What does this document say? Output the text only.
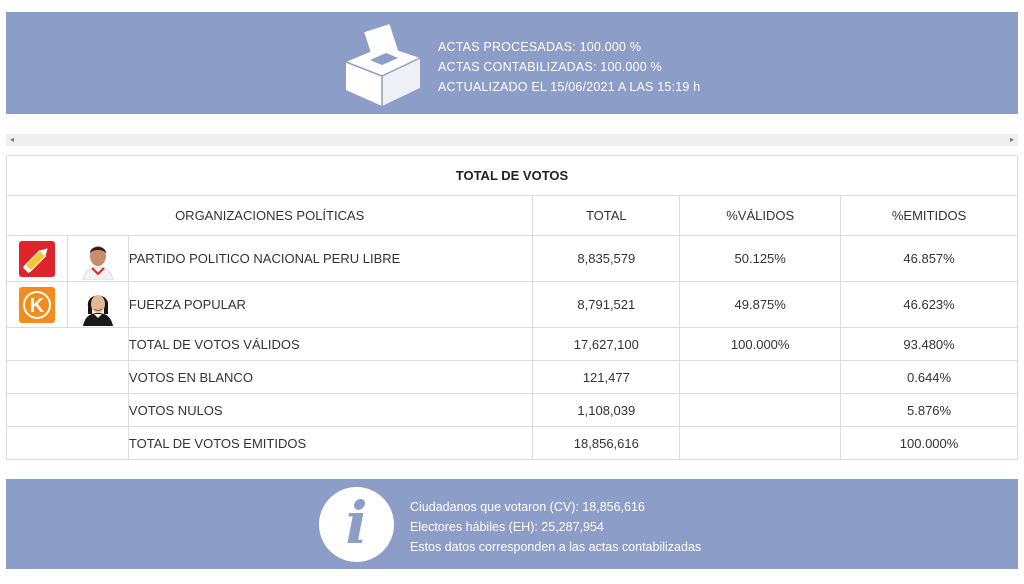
ACTAS PROCESADAS: 100.000 %
ACTAS CONTABILIZADAS: 100.000 %
ACTUALIZADO EL 15/06/2021 A LAS 15:19 h
◂	▸
TOTAL DE VOTOS					
ORGANIZACIONES POLÍTICAS			TOTAL	%VÁLIDOS	%EMITIDOS
		PARTIDO POLITICO NACIONAL PERU LIBRE	8,835,579	50.125%	46.857%

K		FUERZA POPULAR	8,791,521	49.875%	46.623%
		TOTAL DE VOTOS VÁLIDOS	17,627,100	100.000%	93.480%
		VOTOS EN BLANCO	121,477		0.644%
		VOTOS NULOS	1,108,039		5.876%
		TOTAL DE VOTOS EMITIDOS	18,856,616		100.000%
i	Ciudadanos que votaron (CV): 18,856,616
Electores hábiles (EH): 25,287,954
Estos datos corresponden a las actas contabilizadas
